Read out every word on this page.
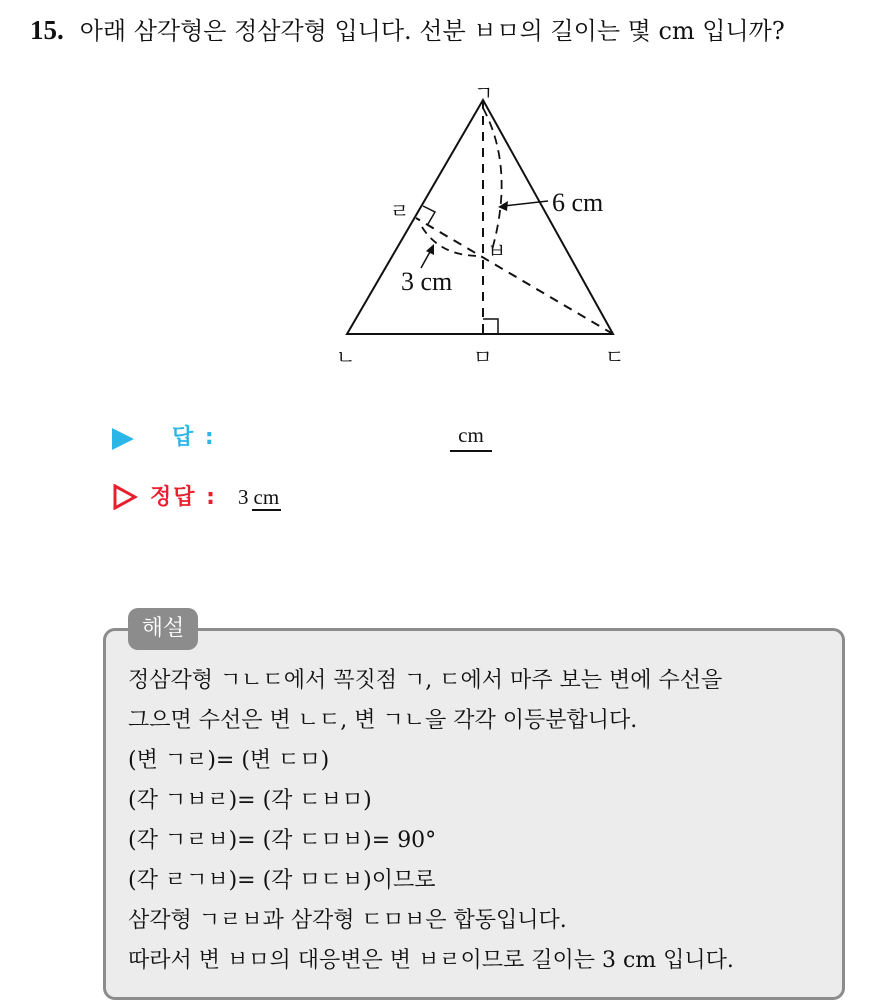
15. 아래 삼각형은 정삼각형 입니다. 선분 ㅂㅁ의 길이는 몇 cm 입니까?
ㄱ
ㄴ	ㄷ
ㄹ
ㅁ
ㅂ
6 cm
3 cm
답 :	cm
정답 : 3 cm
해설
정삼각형 ㄱㄴㄷ에서 꼭짓점 ㄱ, ㄷ에서 마주 보는 변에 수선을
그으면 수선은 변 ㄴㄷ, 변 ㄱㄴ을 각각 이등분합니다.
(변 ㄱㄹ)= (변 ㄷㅁ)
(각 ㄱㅂㄹ)= (각 ㄷㅂㅁ)
(각 ㄱㄹㅂ)= (각 ㄷㅁㅂ)= 90°
(각 ㄹㄱㅂ)= (각 ㅁㄷㅂ)이므로
삼각형 ㄱㄹㅂ과 삼각형 ㄷㅁㅂ은 합동입니다.
따라서 변 ㅂㅁ의 대응변은 변 ㅂㄹ이므로 길이는 3 cm 입니다.
